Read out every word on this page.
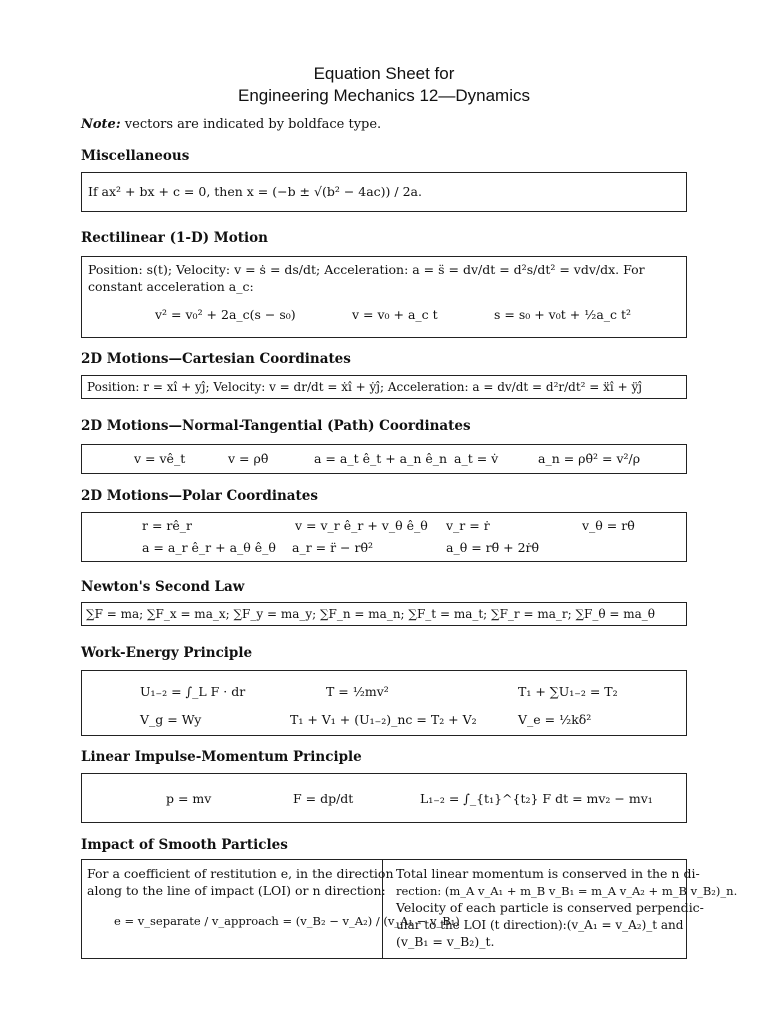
Equation Sheet for
Engineering Mechanics 12—Dynamics
Note: vectors are indicated by boldface type.
Miscellaneous
If ax² + bx + c = 0, then x = (−b ± √(b² − 4ac)) / 2a.
Rectilinear (1-D) Motion
Position: s(t); Velocity: v = ṡ = ds/dt; Acceleration: a = s̈ = dv/dt = d²s/dt² = vdv/dx. For
constant acceleration a_c:
v² = v₀² + 2a_c(s − s₀)	v = v₀ + a_c t	s = s₀ + v₀t + ½a_c t²
2D Motions—Cartesian Coordinates
Position: r = xî + yĵ; Velocity: v = dr/dt = ẋî + ẏĵ; Acceleration: a = dv/dt = d²r/dt² = ẍî + ÿĵ
2D Motions—Normal-Tangential (Path) Coordinates
v = vê_t	v = ρθ̇	a = a_t ê_t + a_n ê_n a_t = v̇	a_n = ρθ̇² = v²/ρ
2D Motions—Polar Coordinates
r = rê_r	v = v_r ê_r + v_θ ê_θ v_r = ṙ	v_θ = rθ̇
a = a_r ê_r + a_θ ê_θ a_r = r̈ − rθ̇²	a_θ = rθ̈ + 2ṙθ̇
Newton's Second Law
∑F = ma; ∑F_x = ma_x; ∑F_y = ma_y; ∑F_n = ma_n; ∑F_t = ma_t; ∑F_r = ma_r; ∑F_θ = ma_θ
Work-Energy Principle
U₁₋₂ = ∫_L F · dr	T = ½mv²	T₁ + ∑U₁₋₂ = T₂
V_g = Wy	T₁ + V₁ + (U₁₋₂)_nc = T₂ + V₂	V_e = ½kδ²
Linear Impulse-Momentum Principle
p = mv	F = dp/dt	L₁₋₂ = ∫_{t₁}^{t₂} F dt = mv₂ − mv₁
Impact of Smooth Particles
For a coefficient of restitution e, in the direction
along to the line of impact (LOI) or n direction:
e = v_separate / v_approach = (v_B₂ − v_A₂) / (v_A₁ − v_B₁)
Total linear momentum is conserved in the n di-
rection: (m_A v_A₁ + m_B v_B₁ = m_A v_A₂ + m_B v_B₂)_n.
Velocity of each particle is conserved perpendic-
ular to the LOI (t direction):(v_A₁ = v_A₂)_t and
(v_B₁ = v_B₂)_t.
